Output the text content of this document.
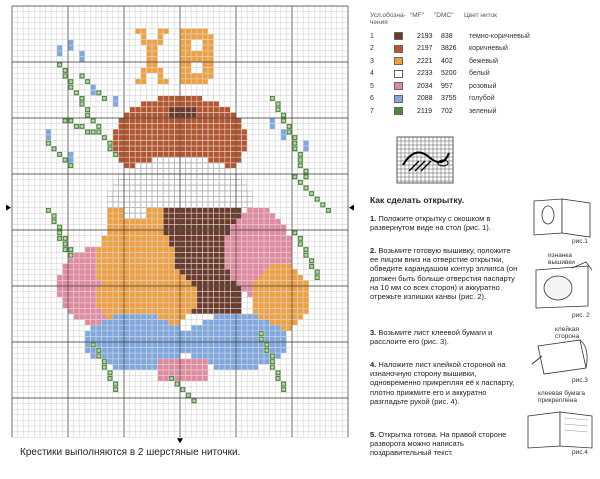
Крестики выполняются в 2 шерстяные ниточки.
Усл.обозна-чения
"MF"	"DMC"	Цвет ниток
1	2193	838	темно-коричневый
2	2197	3826	коричневый
3	2221	402	бежевый
4	2233	5200	белый
5	2034	957	розовый
6	2088	3755	голубой
7	2119	702	зеленый
Как сделать открытку.
1. Положите открытку с окошком в развернутом виде на стол (рис. 1).
2. Возьмите готовую вышивку, положите ее лицом вниз на отверстие открытки, обведите карандашом контур эллипса (он должен быть больше отверстия паспарту на 10 мм со всех сторон) и аккуратно отрежьте излишки канвы (рис. 2).
3. Возьмите лист клеевой бумаги и расслоите его (рис. 3).
4. Наложите лист клейкой стороной на изнаночную сторону вышивки, одновременно прикрепляя её к паспарту, плотно прижмите его и аккуратно разгладьте рукой (рис. 4).
5. Открытка готова. На правой стороне разворота можно написать поздравительный текст.
рис.1
изнанка вышивки
рис. 2
клейкая сторона
рис.3
клеевая бумага прикреплена
рис.4
